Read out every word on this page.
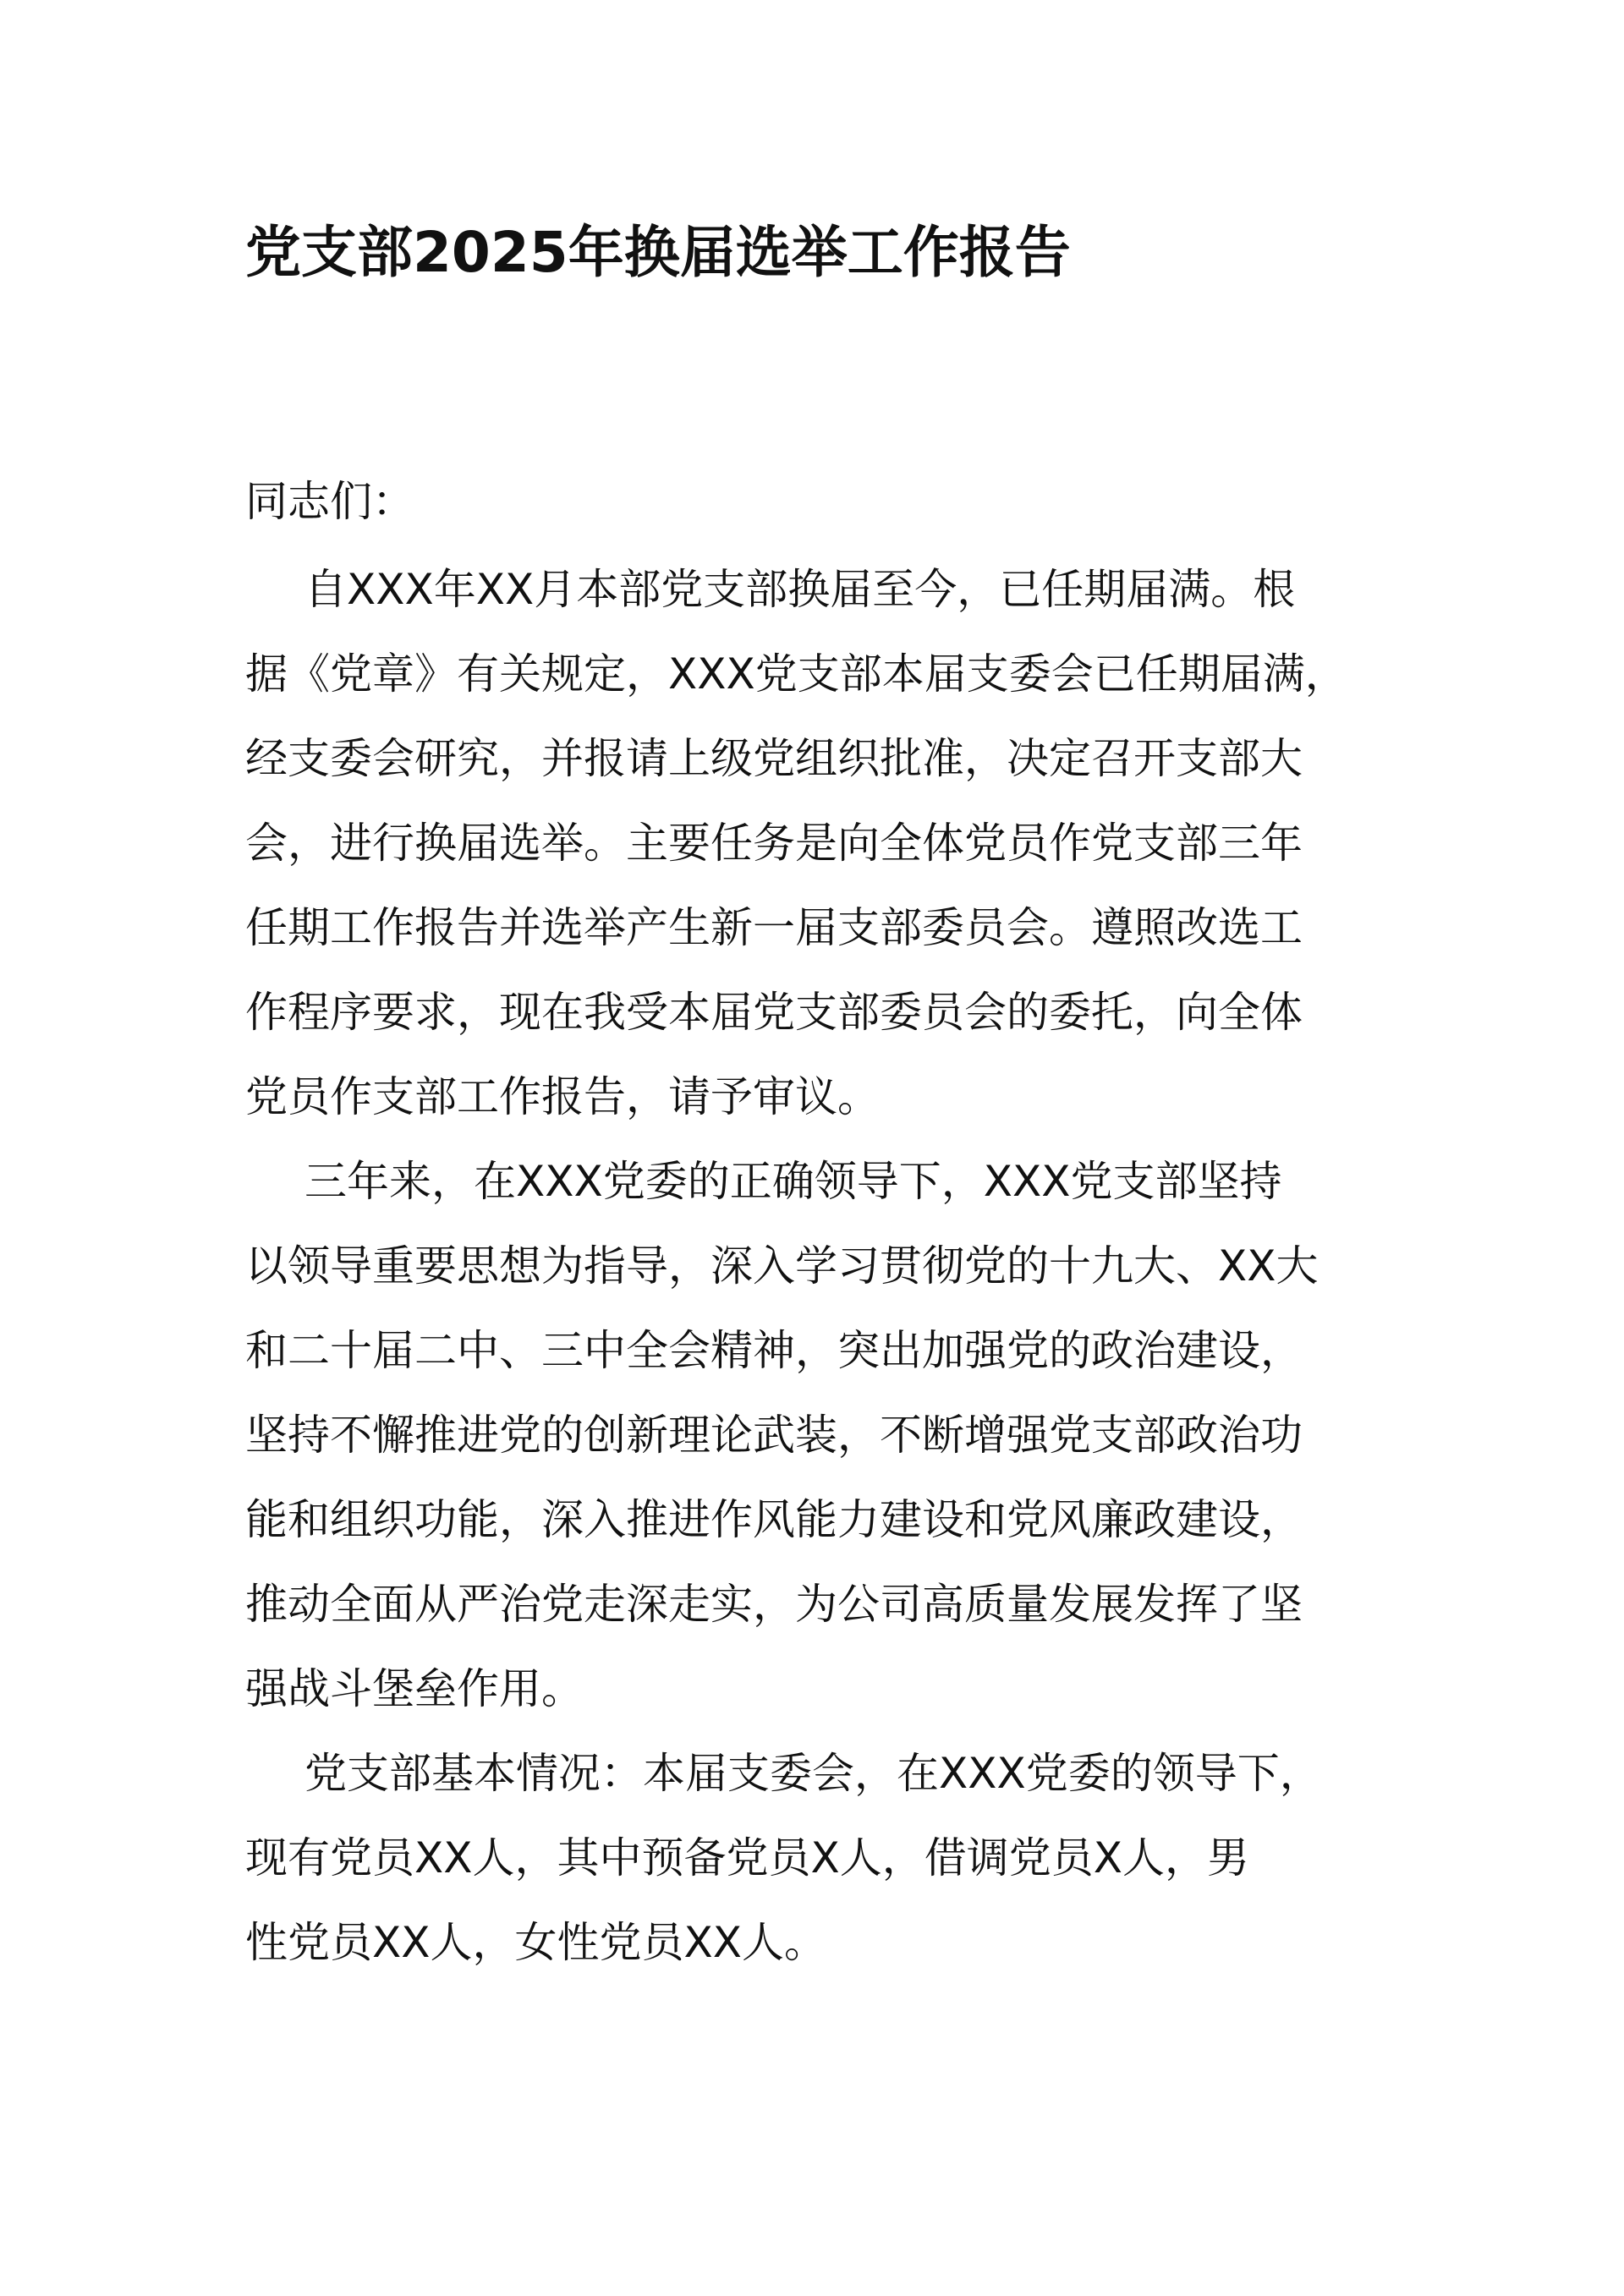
党支部2025年换届选举工作报告

同志们：

自XXX年XX月本部党支部换届至今，已任期届满。根
据《党章》有关规定，XXX党支部本届支委会已任期届满，
经支委会研究，并报请上级党组织批准，决定召开支部大
会，进行换届选举。主要任务是向全体党员作党支部三年
任期工作报告并选举产生新一届支部委员会。遵照改选工
作程序要求，现在我受本届党支部委员会的委托，向全体
党员作支部工作报告，请予审议。

三年来，在XXX党委的正确领导下，XXX党支部坚持
以领导重要思想为指导，深入学习贯彻党的十九大、XX大
和二十届二中、三中全会精神，突出加强党的政治建设，
坚持不懈推进党的创新理论武装，不断增强党支部政治功
能和组织功能，深入推进作风能力建设和党风廉政建设，
推动全面从严治党走深走实，为公司高质量发展发挥了坚
强战斗堡垒作用。

党支部基本情况：本届支委会，在XXX党委的领导下，
现有党员XX人，其中预备党员X人，借调党员X人，男
性党员XX人，女性党员XX人。
